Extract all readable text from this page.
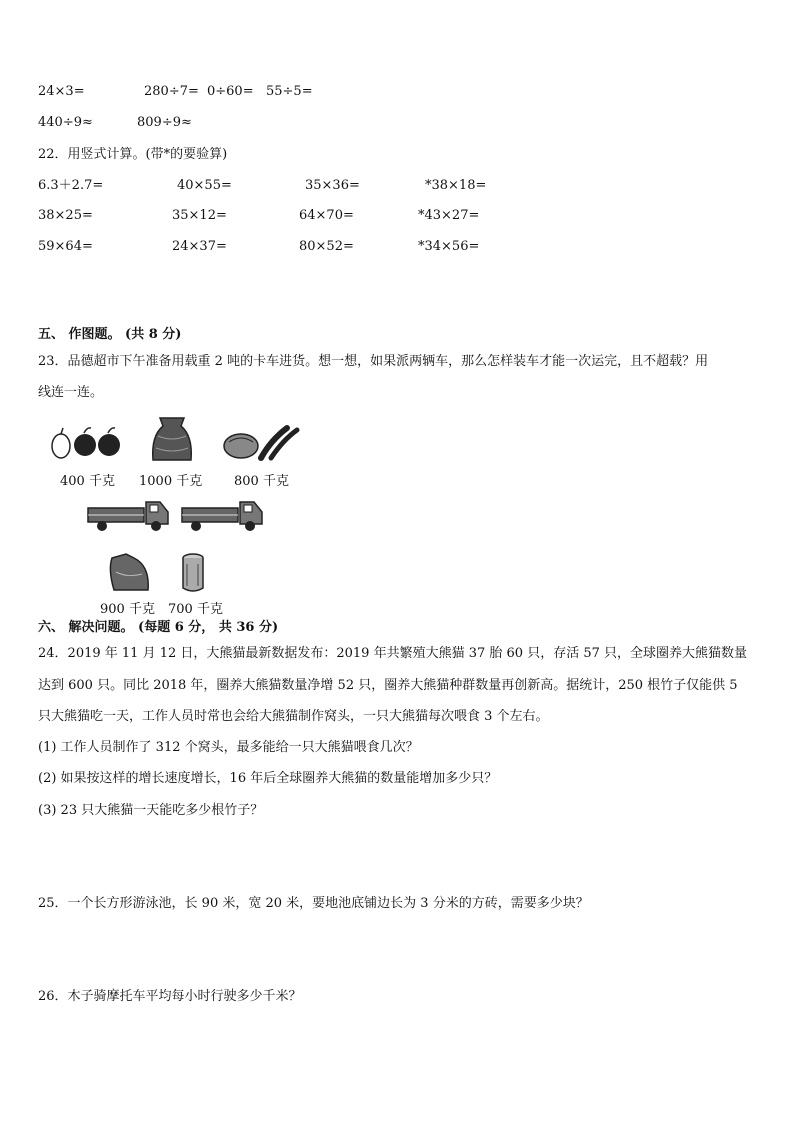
24×3=	280÷7= 0÷60= 55÷5=
440÷9≈	809÷9≈
22．用竖式计算。(带*的要验算)
6.3＋2.7=	40×55=	35×36=	*38×18=
38×25=	35×12=	64×70=	*43×27=
59×64=	24×37=	80×52=	*34×56=
五、 作图题。 (共 8 分)
23．品德超市下午准备用载重 2 吨的卡车进货。想一想，如果派两辆车，那么怎样装车才能一次运完，且不超载？用
线连一连。
400 千克 1000 千克 800 千克
900 千克 700 千克
六、 解决问题。 (每题 6 分， 共 36 分)
24．2019 年 11 月 12 日，大熊猫最新数据发布：2019 年共繁殖大熊猫 37 胎 60 只，存活 57 只，全球圈养大熊猫数量
达到 600 只。同比 2018 年，圈养大熊猫数量净增 52 只，圈养大熊猫种群数量再创新高。据统计，250 根竹子仅能供 5
只大熊猫吃一天，工作人员时常也会给大熊猫制作窝头，一只大熊猫每次喂食 3 个左右。
(1) 工作人员制作了 312 个窝头，最多能给一只大熊猫喂食几次？
(2) 如果按这样的增长速度增长，16 年后全球圈养大熊猫的数量能增加多少只？
(3) 23 只大熊猫一天能吃多少根竹子？
25．一个长方形游泳池，长 90 米，宽 20 米，要地池底铺边长为 3 分米的方砖，需要多少块？
26．木子骑摩托车平均每小时行驶多少千米？
